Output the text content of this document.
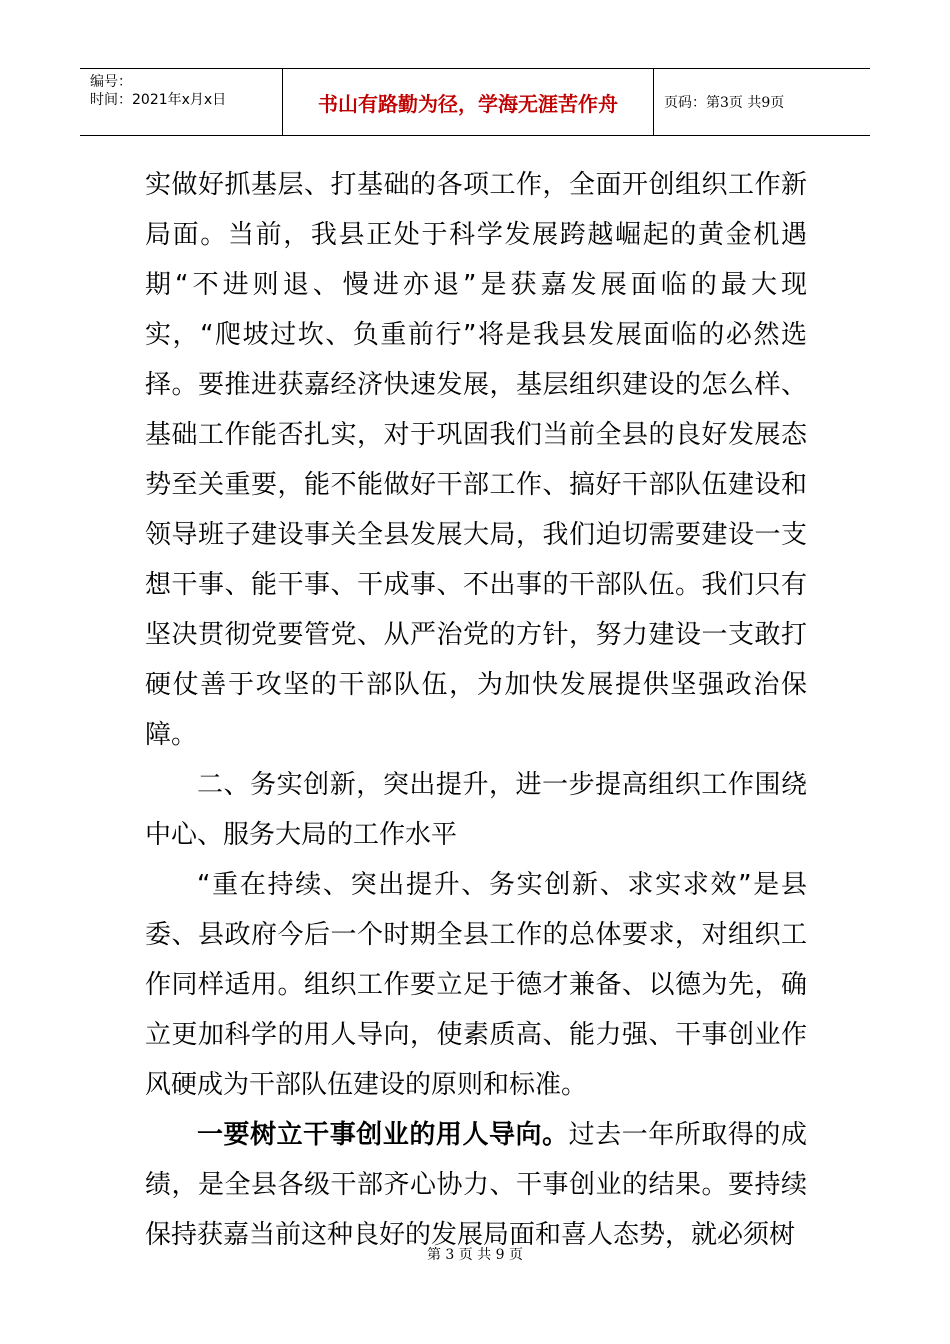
编号：
时间：2021年x月x日	书山有路勤为径，学海无涯苦作舟	页码：第3页 共9页

实做好抓基层、打基础的各项工作，全面开创组织工作新局面。当前，我县正处于科学发展跨越崛起的黄金机遇期“不进则退、慢进亦退”是获嘉发展面临的最大现实，“爬坡过坎、负重前行”将是我县发展面临的必然选择。要推进获嘉经济快速发展，基层组织建设的怎么样、基础工作能否扎实，对于巩固我们当前全县的良好发展态势至关重要，能不能做好干部工作、搞好干部队伍建设和领导班子建设事关全县发展大局，我们迫切需要建设一支想干事、能干事、干成事、不出事的干部队伍。我们只有坚决贯彻党要管党、从严治党的方针，努力建设一支敢打硬仗善于攻坚的干部队伍，为加快发展提供坚强政治保障。

二、务实创新，突出提升，进一步提高组织工作围绕中心、服务大局的工作水平

“重在持续、突出提升、务实创新、求实求效”是县委、县政府今后一个时期全县工作的总体要求，对组织工作同样适用。组织工作要立足于德才兼备、以德为先，确立更加科学的用人导向，使素质高、能力强、干事创业作风硬成为干部队伍建设的原则和标准。

一要树立干事创业的用人导向。过去一年所取得的成绩，是全县各级干部齐心协力、干事创业的结果。要持续保持获嘉当前这种良好的发展局面和喜人态势，就必须树

第 3 页 共 9 页
